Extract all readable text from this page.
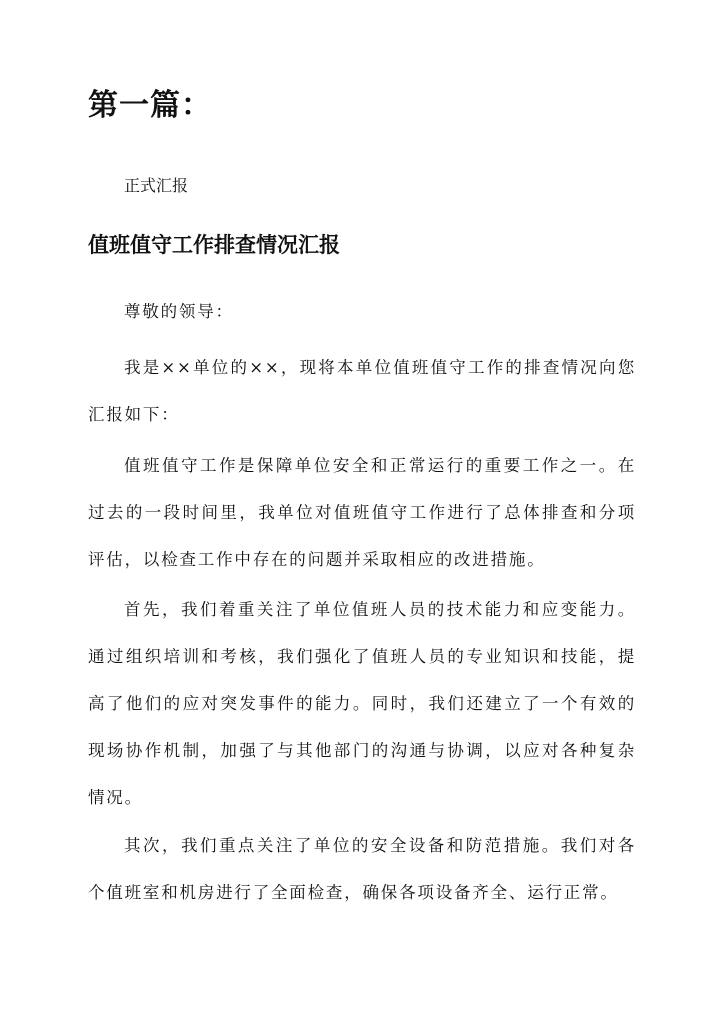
第一篇：

正式汇报

值班值守工作排查情况汇报

尊敬的领导：

我是××单位的××，现将本单位值班值守工作的排查情况向您汇报如下：

值班值守工作是保障单位安全和正常运行的重要工作之一。在过去的一段时间里，我单位对值班值守工作进行了总体排查和分项评估，以检查工作中存在的问题并采取相应的改进措施。

首先，我们着重关注了单位值班人员的技术能力和应变能力。通过组织培训和考核，我们强化了值班人员的专业知识和技能，提高了他们的应对突发事件的能力。同时，我们还建立了一个有效的现场协作机制，加强了与其他部门的沟通与协调，以应对各种复杂情况。

其次，我们重点关注了单位的安全设备和防范措施。我们对各个值班室和机房进行了全面检查，确保各项设备齐全、运行正常。
